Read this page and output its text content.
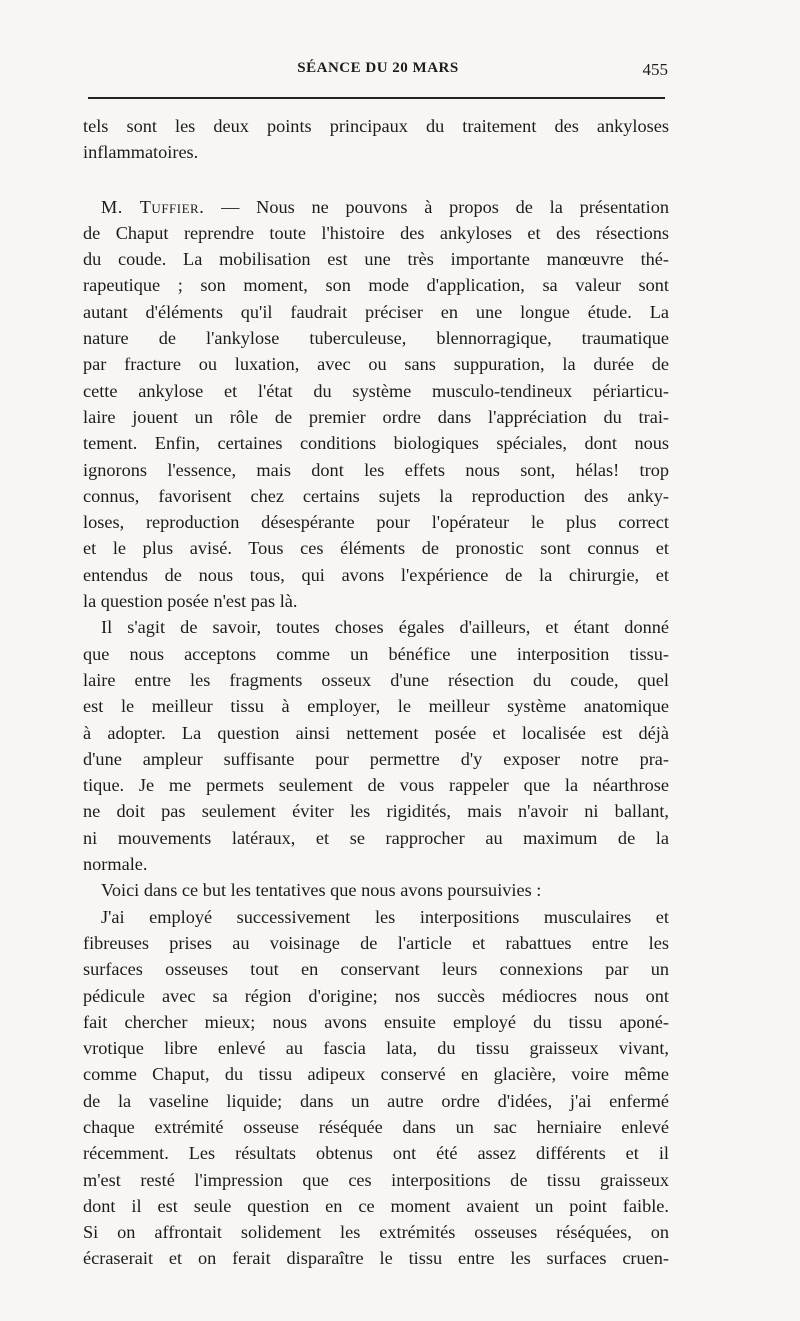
SÉANCE DU 20 MARS	455
tels sont les deux points principaux du traitement des ankyloses
inflammatoires.
M. Tuffier. — Nous ne pouvons à propos de la présentation
de Chaput reprendre toute l'histoire des ankyloses et des résections
du coude. La mobilisation est une très importante manœuvre thé-
rapeutique ; son moment, son mode d'application, sa valeur sont
autant d'éléments qu'il faudrait préciser en une longue étude. La
nature de l'ankylose tuberculeuse, blennorragique, traumatique
par fracture ou luxation, avec ou sans suppuration, la durée de
cette ankylose et l'état du système musculo-tendineux périarticu-
laire jouent un rôle de premier ordre dans l'appréciation du trai-
tement. Enfin, certaines conditions biologiques spéciales, dont nous
ignorons l'essence, mais dont les effets nous sont, hélas! trop
connus, favorisent chez certains sujets la reproduction des anky-
loses, reproduction désespérante pour l'opérateur le plus correct
et le plus avisé. Tous ces éléments de pronostic sont connus et
entendus de nous tous, qui avons l'expérience de la chirurgie, et
la question posée n'est pas là.
Il s'agit de savoir, toutes choses égales d'ailleurs, et étant donné
que nous acceptons comme un bénéfice une interposition tissu-
laire entre les fragments osseux d'une résection du coude, quel
est le meilleur tissu à employer, le meilleur système anatomique
à adopter. La question ainsi nettement posée et localisée est déjà
d'une ampleur suffisante pour permettre d'y exposer notre pra-
tique. Je me permets seulement de vous rappeler que la néarthrose
ne doit pas seulement éviter les rigidités, mais n'avoir ni ballant,
ni mouvements latéraux, et se rapprocher au maximum de la
normale.
Voici dans ce but les tentatives que nous avons poursuivies :
J'ai employé successivement les interpositions musculaires et
fibreuses prises au voisinage de l'article et rabattues entre les
surfaces osseuses tout en conservant leurs connexions par un
pédicule avec sa région d'origine; nos succès médiocres nous ont
fait chercher mieux; nous avons ensuite employé du tissu aponé-
vrotique libre enlevé au fascia lata, du tissu graisseux vivant,
comme Chaput, du tissu adipeux conservé en glacière, voire même
de la vaseline liquide; dans un autre ordre d'idées, j'ai enfermé
chaque extrémité osseuse réséquée dans un sac herniaire enlevé
récemment. Les résultats obtenus ont été assez différents et il
m'est resté l'impression que ces interpositions de tissu graisseux
dont il est seule question en ce moment avaient un point faible.
Si on affrontait solidement les extrémités osseuses réséquées, on
écraserait et on ferait disparaître le tissu entre les surfaces cruen-
